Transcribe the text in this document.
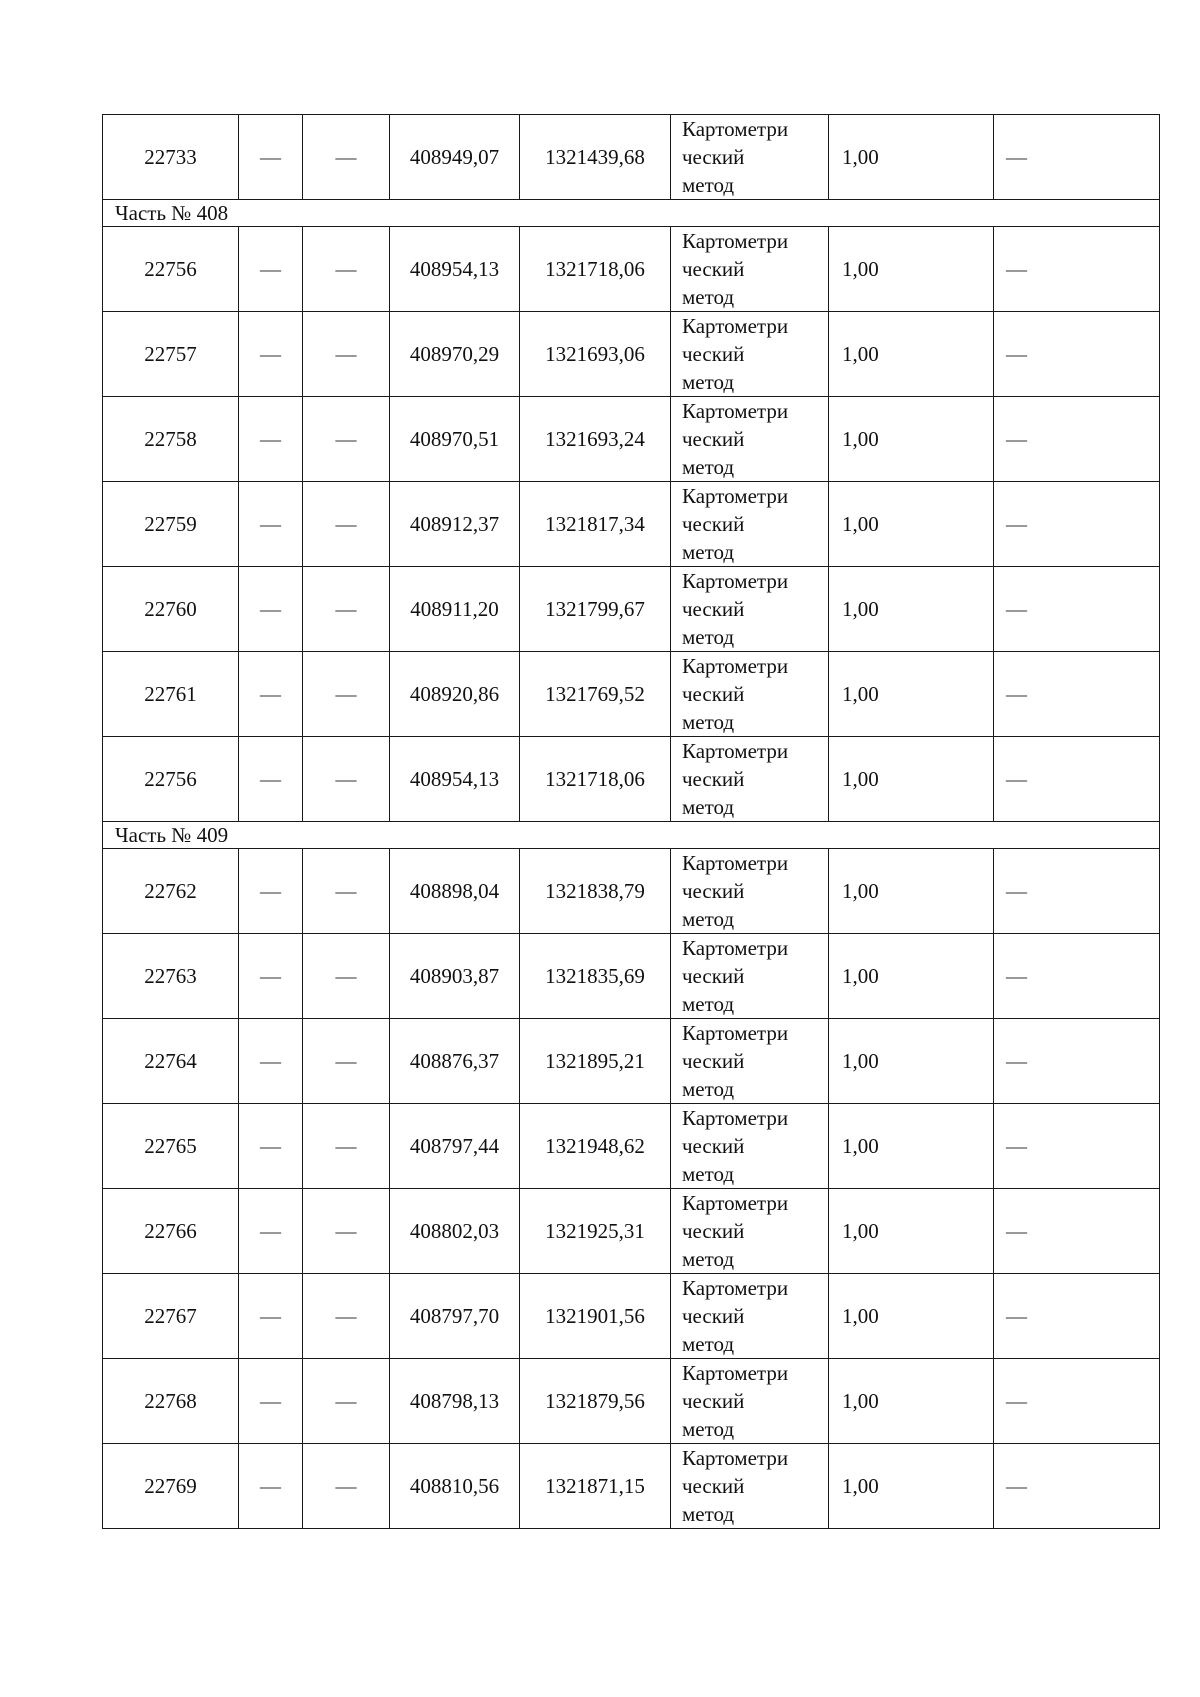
22733	—	—	408949,07	1321439,68	Картометри
ческий
метод	1,00	—
Часть № 408							
22756	—	—	408954,13	1321718,06	Картометри
ческий
метод	1,00	—
22757	—	—	408970,29	1321693,06	Картометри
ческий
метод	1,00	—
22758	—	—	408970,51	1321693,24	Картометри
ческий
метод	1,00	—
22759	—	—	408912,37	1321817,34	Картометри
ческий
метод	1,00	—
22760	—	—	408911,20	1321799,67	Картометри
ческий
метод	1,00	—
22761	—	—	408920,86	1321769,52	Картометри
ческий
метод	1,00	—
22756	—	—	408954,13	1321718,06	Картометри
ческий
метод	1,00	—
Часть № 409							
22762	—	—	408898,04	1321838,79	Картометри
ческий
метод	1,00	—
22763	—	—	408903,87	1321835,69	Картометри
ческий
метод	1,00	—
22764	—	—	408876,37	1321895,21	Картометри
ческий
метод	1,00	—
22765	—	—	408797,44	1321948,62	Картометри
ческий
метод	1,00	—
22766	—	—	408802,03	1321925,31	Картометри
ческий
метод	1,00	—
22767	—	—	408797,70	1321901,56	Картометри
ческий
метод	1,00	—
22768	—	—	408798,13	1321879,56	Картометри
ческий
метод	1,00	—
22769	—	—	408810,56	1321871,15	Картометри
ческий
метод	1,00	—
